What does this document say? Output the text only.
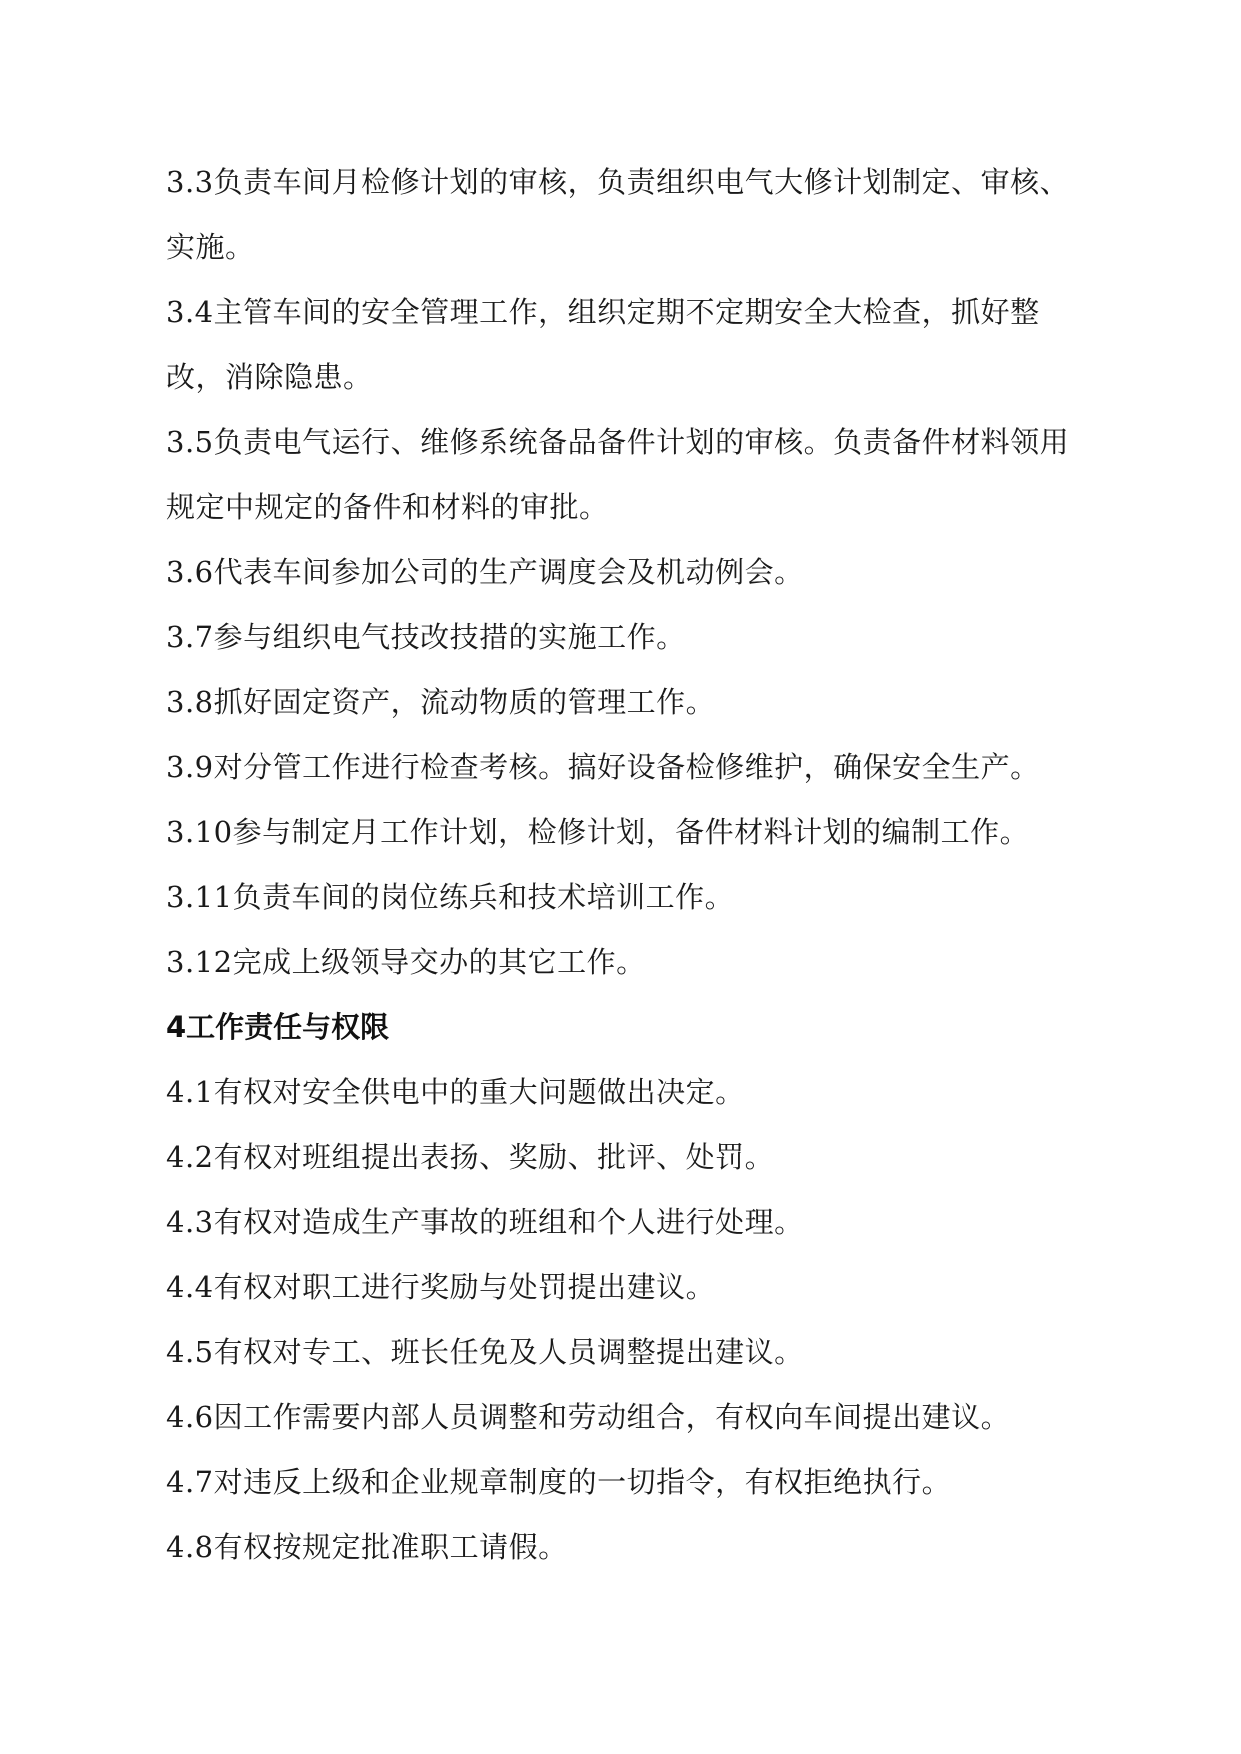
3.3负责车间月检修计划的审核，负责组织电气大修计划制定、审核、实施。

3.4主管车间的安全管理工作，组织定期不定期安全大检查，抓好整改，消除隐患。

3.5负责电气运行、维修系统备品备件计划的审核。负责备件材料领用规定中规定的备件和材料的审批。

3.6代表车间参加公司的生产调度会及机动例会。

3.7参与组织电气技改技措的实施工作。

3.8抓好固定资产，流动物质的管理工作。

3.9对分管工作进行检查考核。搞好设备检修维护，确保安全生产。

3.10参与制定月工作计划，检修计划，备件材料计划的编制工作。

3.11负责车间的岗位练兵和技术培训工作。

3.12完成上级领导交办的其它工作。

4工作责任与权限

4.1有权对安全供电中的重大问题做出决定。

4.2有权对班组提出表扬、奖励、批评、处罚。

4.3有权对造成生产事故的班组和个人进行处理。

4.4有权对职工进行奖励与处罚提出建议。

4.5有权对专工、班长任免及人员调整提出建议。

4.6因工作需要内部人员调整和劳动组合，有权向车间提出建议。

4.7对违反上级和企业规章制度的一切指令，有权拒绝执行。

4.8有权按规定批准职工请假。
